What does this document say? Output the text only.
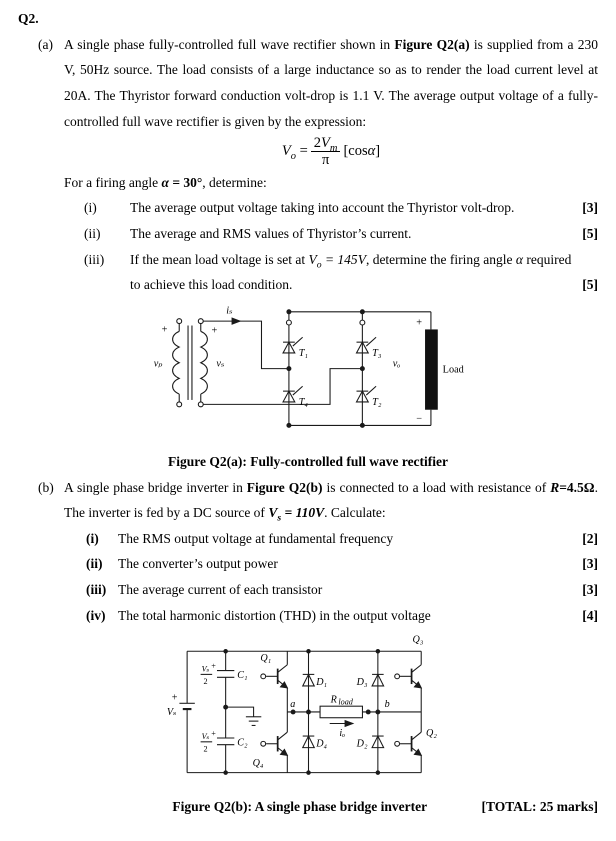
Q2.
(a) A single phase fully-controlled full wave rectifier shown in Figure Q2(a) is supplied from a 230 V, 50Hz source. The load consists of a large inductance so as to render the load current level at 20A. The Thyristor forward conduction volt-drop is 1.1 V. The average output voltage of a fully-controlled full wave rectifier is given by the expression:

$V_o = \frac{2V_m}{\pi} [\cos\alpha]$

For a firing angle α = 30°, determine:

(i)	The average output voltage taking into account the Thyristor volt-drop.	[3]
(ii)	The average and RMS values of Thyristor’s current.	[5]
(iii)	If the mean load voltage is set at $V_o = 145V$, determine the firing angle α required to achieve this load condition.	[5]
iₛ
+
vₚ
+
vₛ
T₁	T₃
T₄	T₂
vₒ
+
−
Load
Figure Q2(a): Fully-controlled full wave rectifier
(b) A single phase bridge inverter in Figure Q2(b) is connected to a load with resistance of R=4.5Ω. The inverter is fed by a DC source of $V_s = 110V$. Calculate:

(i)	The RMS output voltage at fundamental frequency	[2]
(ii)	The converter’s output power	[3]
(iii) The average current of each transistor	[3]
(iv) The total harmonic distortion (THD) in the output voltage	[4]
+
Vₛ
Vₛ
2
+
C₁
Vₛ
2
+
C₂
Q₁
D₁	D₃
Q₃
a	b
R load
iₒ
Q₄
D₄	D₂
Q₂
Figure Q2(b): A single phase bridge inverter	[TOTAL: 25 marks]
